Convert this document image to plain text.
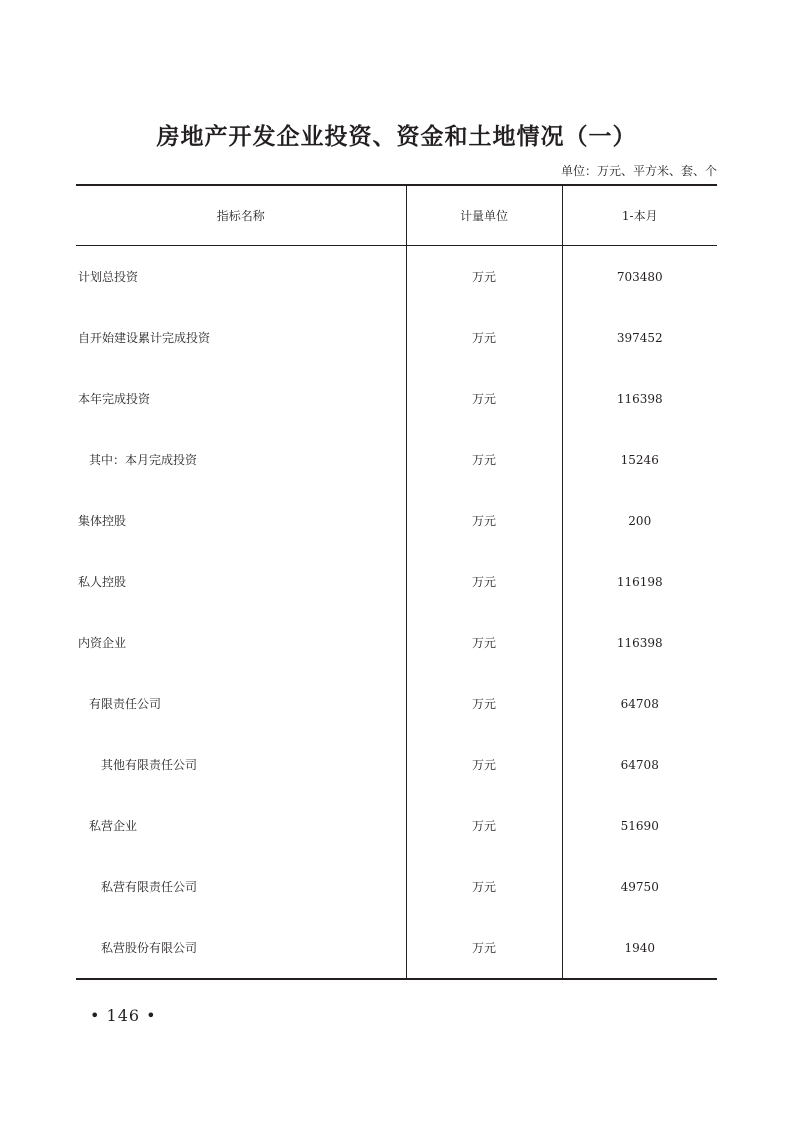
房地产开发企业投资、资金和土地情况（一）
单位：万元、平方米、套、个
指标名称	计量单位	1-本月
计划总投资	万元	703480
自开始建设累计完成投资	万元	397452
本年完成投资	万元	116398
其中：本月完成投资	万元	15246
集体控股	万元	200
私人控股	万元	116198
内资企业	万元	116398
有限责任公司	万元	64708
其他有限责任公司	万元	64708
私营企业	万元	51690
私营有限责任公司	万元	49750
私营股份有限公司	万元	1940
• 146 •
